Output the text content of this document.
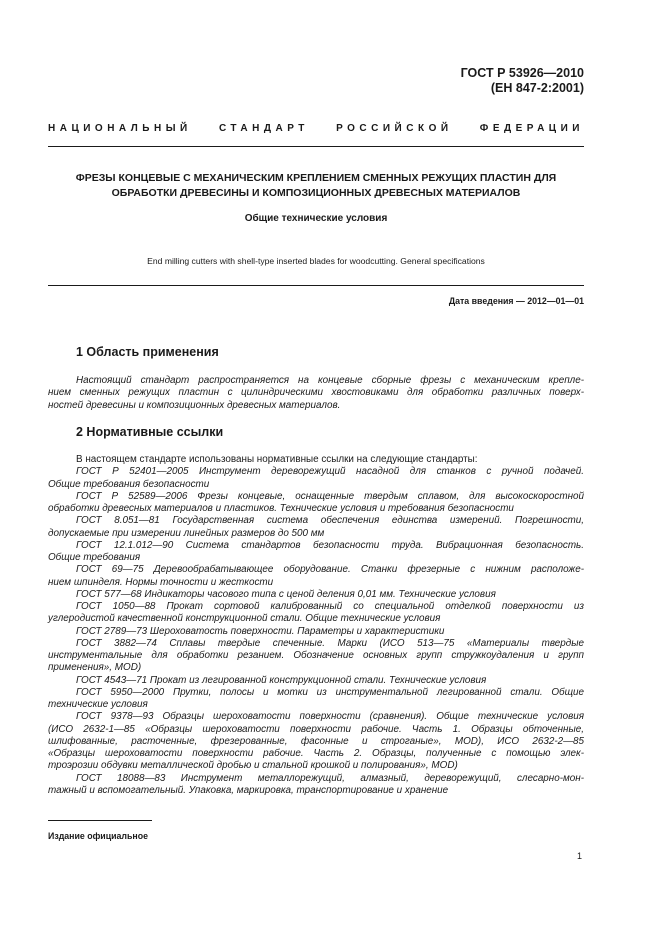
ГОСТ Р 53926—2010
(ЕН 847-2:2001)
НАЦИОНАЛЬНЫЙ СТАНДАРТ РОССИЙСКОЙ ФЕДЕРАЦИИ
ФРЕЗЫ КОНЦЕВЫЕ С МЕХАНИЧЕСКИМ КРЕПЛЕНИЕМ СМЕННЫХ РЕЖУЩИХ ПЛАСТИН ДЛЯ
ОБРАБОТКИ ДРЕВЕСИНЫ И КОМПОЗИЦИОННЫХ ДРЕВЕСНЫХ МАТЕРИАЛОВ
Общие технические условия
End milling cutters with shell-type inserted blades for woodcutting. General specifications
Дата введения — 2012—01—01
1 Область применения

Настоящий стандарт распространяется на концевые сборные фрезы с механическим крепле-

нием сменных режущих пластин с цилиндрическими хвостовиками для обработки различных поверх-

ностей древесины и композиционных древесных материалов.

2 Нормативные ссылки

В настоящем стандарте использованы нормативные ссылки на следующие стандарты:

ГОСТ Р 52401—2005 Инструмент дереворежущий насадной для станков с ручной подачей.

Общие требования безопасности

ГОСТ Р 52589—2006 Фрезы концевые, оснащенные твердым сплавом, для высокоскоростной

обработки древесных материалов и пластиков. Технические условия и требования безопасности

ГОСТ 8.051—81 Государственная система обеспечения единства измерений. Погрешности,

допускаемые при измерении линейных размеров до 500 мм

ГОСТ 12.1.012—90 Система стандартов безопасности труда. Вибрационная безопасность.

Общие требования

ГОСТ 69—75 Деревообрабатывающее оборудование. Станки фрезерные с нижним расположе-

нием шпинделя. Нормы точности и жесткости

ГОСТ 577—68 Индикаторы часового типа с ценой деления 0,01 мм. Технические условия

ГОСТ 1050—88 Прокат сортовой калиброванный со специальной отделкой поверхности из

углеродистой качественной конструкционной стали. Общие технические условия

ГОСТ 2789—73 Шероховатость поверхности. Параметры и характеристики

ГОСТ 3882—74 Сплавы твердые спеченные. Марки (ИСО 513—75 «Материалы твердые

инструментальные для обработки резанием. Обозначение основных групп стружкоудаления и групп

применения», MOD)

ГОСТ 4543—71 Прокат из легированной конструкционной стали. Технические условия

ГОСТ 5950—2000 Прутки, полосы и мотки из инструментальной легированной стали. Общие

технические условия

ГОСТ 9378—93 Образцы шероховатости поверхности (сравнения). Общие технические условия

(ИСО 2632-1—85 «Образцы шероховатости поверхности рабочие. Часть 1. Образцы обточенные,

шлифованные, расточенные, фрезерованные, фасонные и строганые», MOD), ИСО 2632-2—85

«Образцы шероховатости поверхности рабочие. Часть 2. Образцы, полученные с помощью элек-

троэрозии обдувки металлической дробью и стальной крошкой и полирования», MOD)

ГОСТ 18088—83 Инструмент металлорежущий, алмазный, дереворежущий, слесарно-мон-

тажный и вспомогательный. Упаковка, маркировка, транспортирование и хранение

Издание официальное
1
